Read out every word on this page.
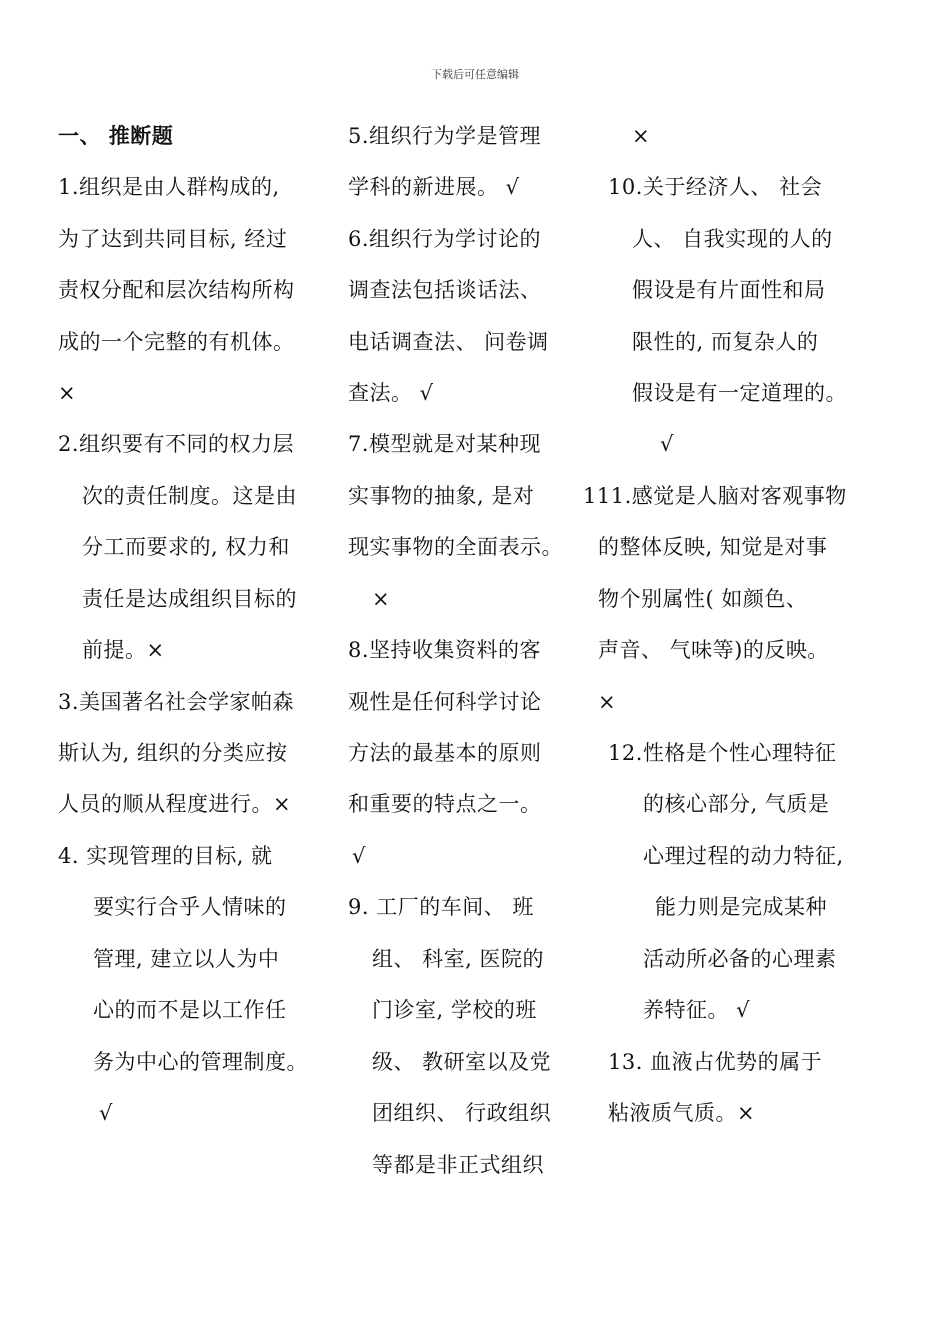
下载后可任意编辑
一、 推断题
1.组织是由人群构成的,
为了达到共同目标, 经过
责权分配和层次结构所构
成的一个完整的有机体。
×
2.组织要有不同的权力层
次的责任制度。这是由
分工而要求的, 权力和
责任是达成组织目标的
前提。×
3.美国著名社会学家帕森
斯认为, 组织的分类应按
人员的顺从程度进行。×
4. 实现管理的目标, 就
要实行合乎人情味的
管理, 建立以人为中
心的而不是以工作任
务为中心的管理制度。
√
5.组织行为学是管理
学科的新进展。 √
6.组织行为学讨论的
调查法包括谈话法、
电话调查法、 问卷调
查法。 √
7.模型就是对某种现
实事物的抽象, 是对
现实事物的全面表示。
×
8.坚持收集资料的客
观性是任何科学讨论
方法的最基本的原则
和重要的特点之一。
√
9. 工厂的车间、 班
组、 科室, 医院的
门诊室, 学校的班
级、 教研室以及党
团组织、 行政组织
等都是非正式组织
×
10.关于经济人、 社会
人、 自我实现的人的
假设是有片面性和局
限性的, 而复杂人的
假设是有一定道理的。
√
111.感觉是人脑对客观事物
的整体反映, 知觉是对事
物个别属性( 如颜色、
声音、 气味等)的反映。
×
12.性格是个性心理特征
的核心部分, 气质是
心理过程的动力特征,
能力则是完成某种
活动所必备的心理素
养特征。 √
13. 血液占优势的属于
粘液质气质。×
